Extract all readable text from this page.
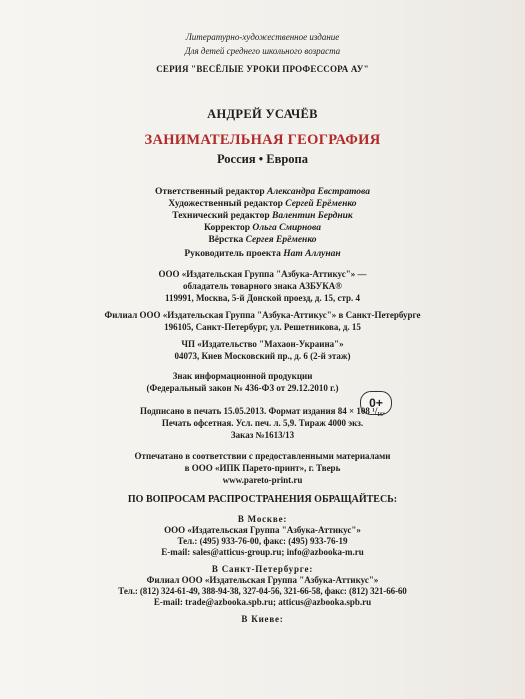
Литературно-художественное издание
Для детей среднего школьного возраста
СЕРИЯ "ВЕСЁЛЫЕ УРОКИ ПРОФЕССОРА АУ"
АНДРЕЙ УСАЧЁВ
ЗАНИМАТЕЛЬНАЯ ГЕОГРАФИЯ
Россия • Европа
Ответственный редактор Александра Евстратова
Художественный редактор Сергей Ерёменко
Технический редактор Валентин Бердник
Корректор Ольга Смирнова
Вёрстка Сергея Ерёменко
Руководитель проекта Нат Аллунан
ООО «Издательская Группа "Азбука-Аттикус"» —
обладатель товарного знака АЗБУКА®
119991, Москва, 5-й Донской проезд, д. 15, стр. 4
Филиал ООО «Издательская Группа "Азбука-Аттикус"» в Санкт-Петербурге
196105, Санкт-Петербург, ул. Решетникова, д. 15
ЧП «Издательство "Махаон-Украина"»
04073, Киев Московский пр., д. 6 (2-й этаж)
Знак информационной продукции
(Федеральный закон № 436-ФЗ от 29.12.2010 г.)
0+
Подписано в печать 15.05.2013. Формат издания 84 × 108 ¹/₁₆.
Печать офсетная. Усл. печ. л. 5,9. Тираж 4000 экз.
Заказ №1613/13
Отпечатано в соответствии с предоставленными материалами
в ООО «ИПК Парето-принт», г. Тверь
www.pareto-print.ru
ПО ВОПРОСАМ РАСПРОСТРАНЕНИЯ ОБРАЩАЙТЕСЬ:
В Москве:
ООО «Издательская Группа "Азбука-Аттикус"»
Тел.: (495) 933-76-00, факс: (495) 933-76-19
E-mail: sales@atticus-group.ru; info@azbooka-m.ru
В Санкт-Петербурге:
Филиал ООО «Издательская Группа "Азбука-Аттикус"»
Тел.: (812) 324-61-49, 388-94-38, 327-04-56, 321-66-58, факс: (812) 321-66-60
E-mail: trade@azbooka.spb.ru; atticus@azbooka.spb.ru
В Киеве:
